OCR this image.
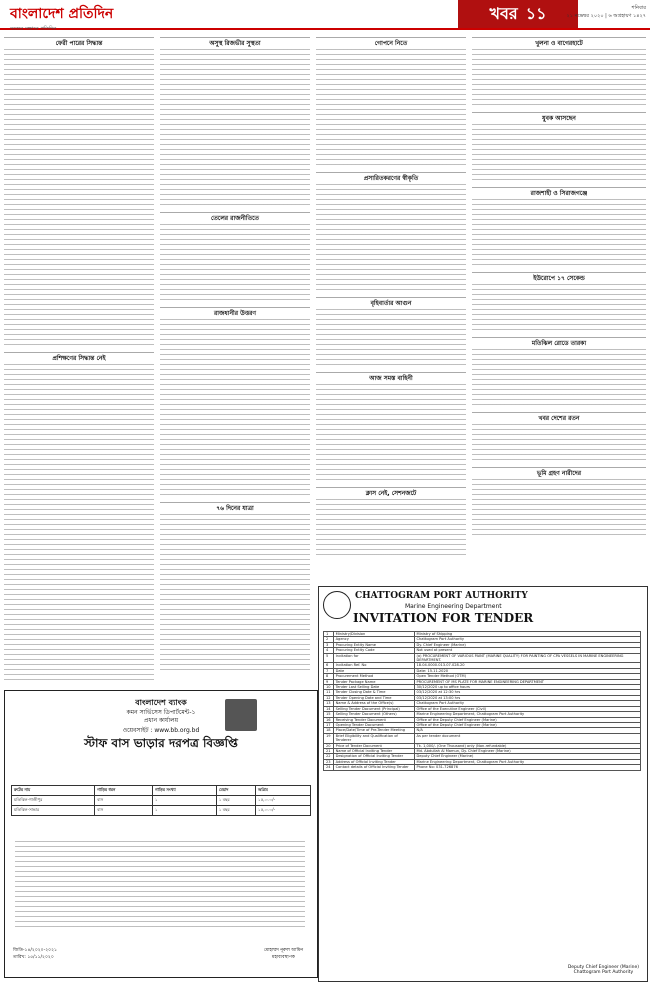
বাংলাদেশ প্রতিদিন
সত্যের সন্ধানে প্রতিদিন
খবর ১১	শনিবার
২১ নভেম্বর ২০২০ | ৬ অগ্রহায়ণ ১৪২৭
ফেরী পারের সিদ্ধান্ত
প্রশিক্ষণের সিদ্ধান্ত নেই
অসুস্থ রিজভীর সুস্থতা
তেলের রাজনীতিতে
রাজধানীর উত্তরণ
৭৬ দিনের যাত্রা
গোপনে নিতে
প্রসারিতকরণের স্বীকৃতি
বৃহিবার্তার আগুন
আজ সমস্ত বাহিনী
ক্লাস নেই, সেশনজটে
খুলনা ও বাগেরহাটে
যুবক আসছেন
রাজশাহী ও সিরাজগঞ্জে
ইউরোপে ১৭ সেকেন্ড
মতিঝিল রোডে তারকা
খবর দেশের রতন
ভূমি গ্রহণ নারীদের
CHATTOGRAM PORT AUTHORITY
Marine Engineering Department
INVITATION FOR TENDER
1	Ministry/Division	Ministry of Shipping
2	Agency	Chattogram Port Authority
3	Procuring Entity Name	Dy. Chief Engineer (Marine)
4	Procuring Entity Code	Not used at present
5	Invitation for	(a) PROCUREMENT OF VARIOUS PAINT (MARINE QUALITY) FOR PAINTING OF CPA VESSELS IN MARINE ENGINEERING DEPARTMENT.
6	Invitation Ref. No	18.04.0000.013.07.028.20
7	Date	Date: 15.11.2020
8	Procurement Method	Open Tender Method (OTM)
9	Tender Package Name	PROCUREMENT OF MS PLATE FOR MARINE ENGINEERING DEPARTMENT
10	Tender Last Selling Date	30/12/2020 up to office hours
11	Tender Closing Date & Time	03/12/2020 at 12:30 hrs
12	Tender Opening Date and Time	03/12/2020 at 13:00 hrs
13	Name & Address of the Office(s)	Chattogram Port Authority
14	Selling Tender Document (Principal)	Office of the Executive Engineer (Civil)
15	Selling Tender Document (Others)	Marine Engineering Department, Chattogram Port Authority
16	Receiving Tender Document	Office of the Deputy Chief Engineer (Marine)
17	Opening Tender Document	Office of the Deputy Chief Engineer (Marine)
18	Place/Date/Time of Pre-Tender Meeting	N/A
19	Brief Eligibility and Qualification of Tenderer	As per tender document
20	Price of Tender Document	Tk. 1,000/- (One Thousand) only (Non-refundable)
21	Name of Official Inviting Tender	Md. Abdullah Al Mamun, Dy. Chief Engineer (Marine)
22	Designation of Official Inviting Tender	Deputy Chief Engineer (Marine)
23	Address of Official Inviting Tender	Marine Engineering Department, Chattogram Port Authority
24	Contact details of Official Inviting Tender	Phone No: 031-726876
Deputy Chief Engineer (Marine)
Chattogram Port Authority
বাংলাদেশ ব্যাংক
কমন সার্ভিসেস ডিপার্টমেন্ট-১
প্রধান কার্যালয়
ওয়েবসাইট : www.bb.org.bd
স্টাফ বাস ভাড়ার দরপত্র বিজ্ঞপ্তি
রুটের নাম	গাড়ির ধরন	গাড়ির সংখ্যা	মেয়াদ	অগ্রিম
মতিঝিল-গাজীপুর	বাস	১	১ বছর	১৫,০০০/-
মতিঝিল-সাভার	বাস	১	১ বছর	১৫,০০০/-
জিডি-১৪/২০২০-২০২১
তারিখ: ১৫/১১/২০২০
মোহাম্মদ নূরুল আমিন
মহাব্যবস্থাপক
